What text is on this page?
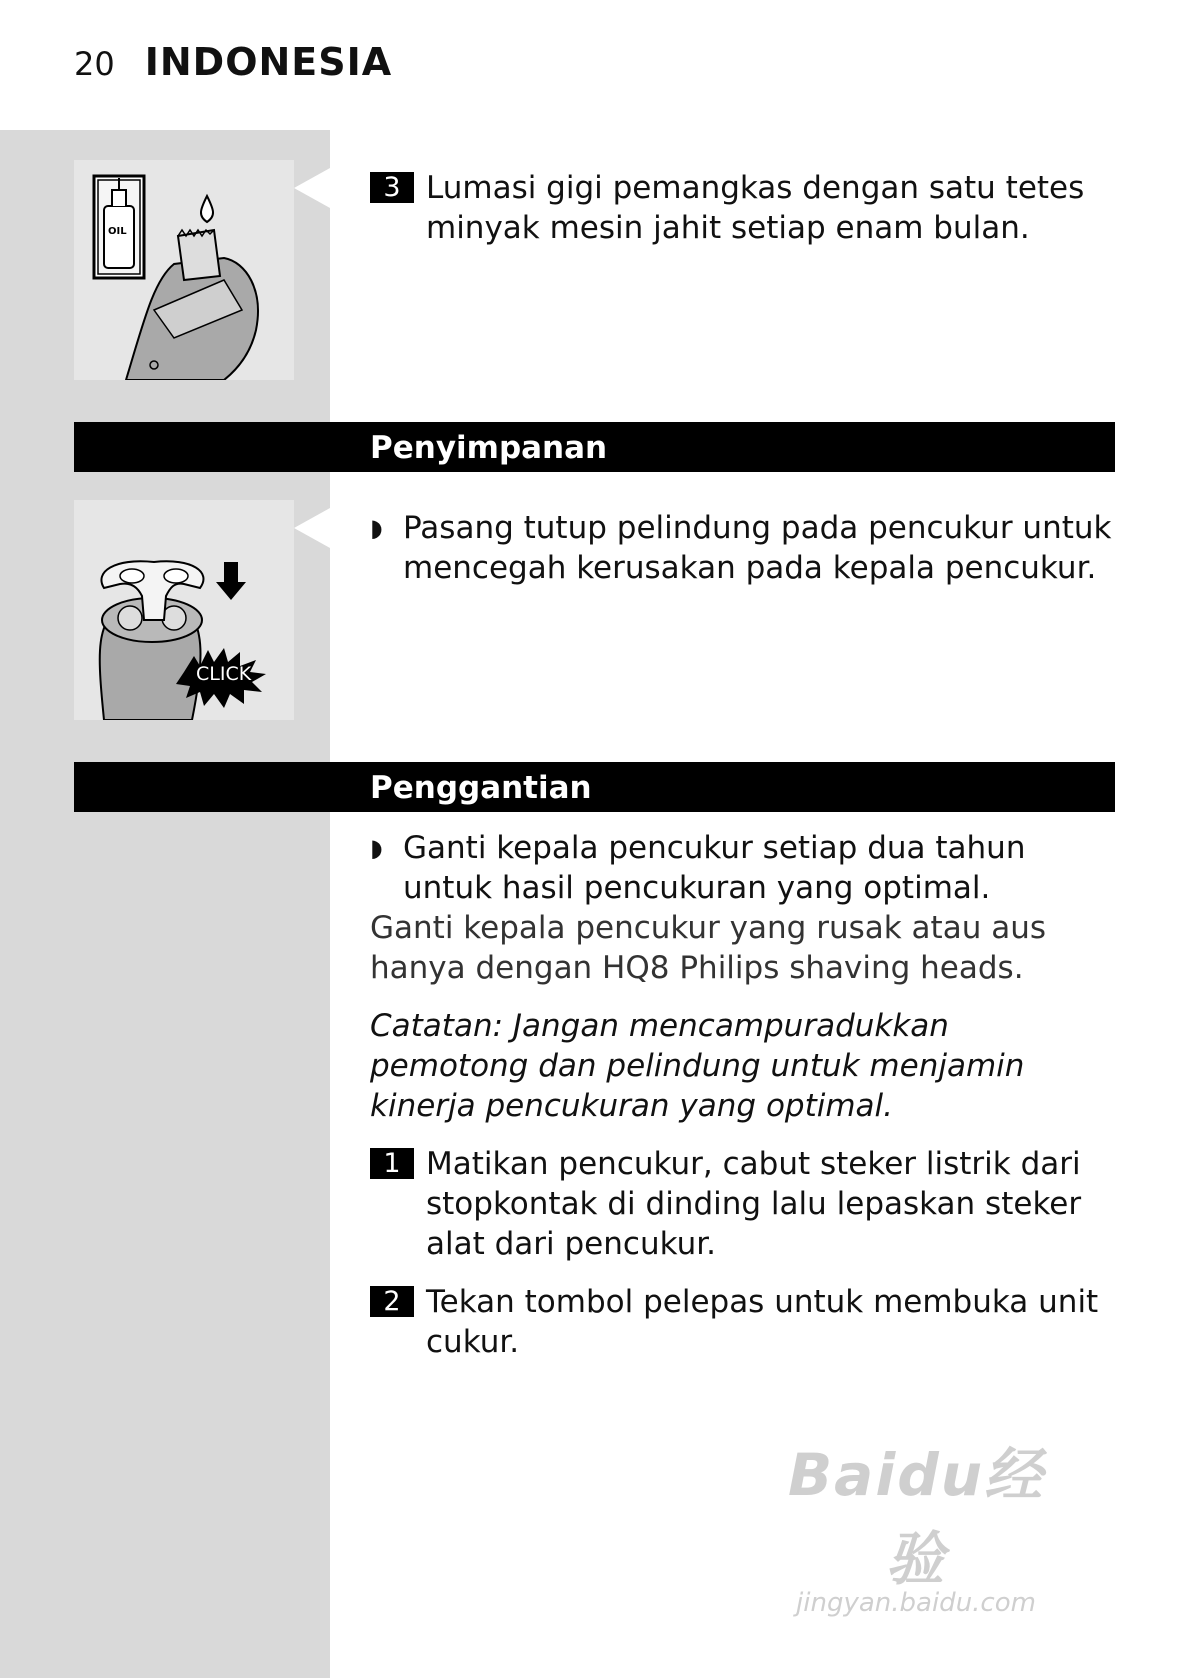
20 INDONESIA
OIL
3 Lumasi gigi pemangkas dengan satu tetes minyak mesin jahit setiap enam bulan.
Penyimpanan
CLICK
◗ Pasang tutup pelindung pada pencukur untuk mencegah kerusakan pada kepala pencukur.
Penggantian
◗ Ganti kepala pencukur setiap dua tahun untuk hasil pencukuran yang optimal.
Ganti kepala pencukur yang rusak atau aus hanya dengan HQ8 Philips shaving heads.
Catatan: Jangan mencampuradukkan pemotong dan pelindung untuk menjamin kinerja pencukuran yang optimal.
1 Matikan pencukur, cabut steker listrik dari stopkontak di dinding lalu lepaskan steker alat dari pencukur.
2 Tekan tombol pelepas untuk membuka unit cukur.
Baidu经验
jingyan.baidu.com
